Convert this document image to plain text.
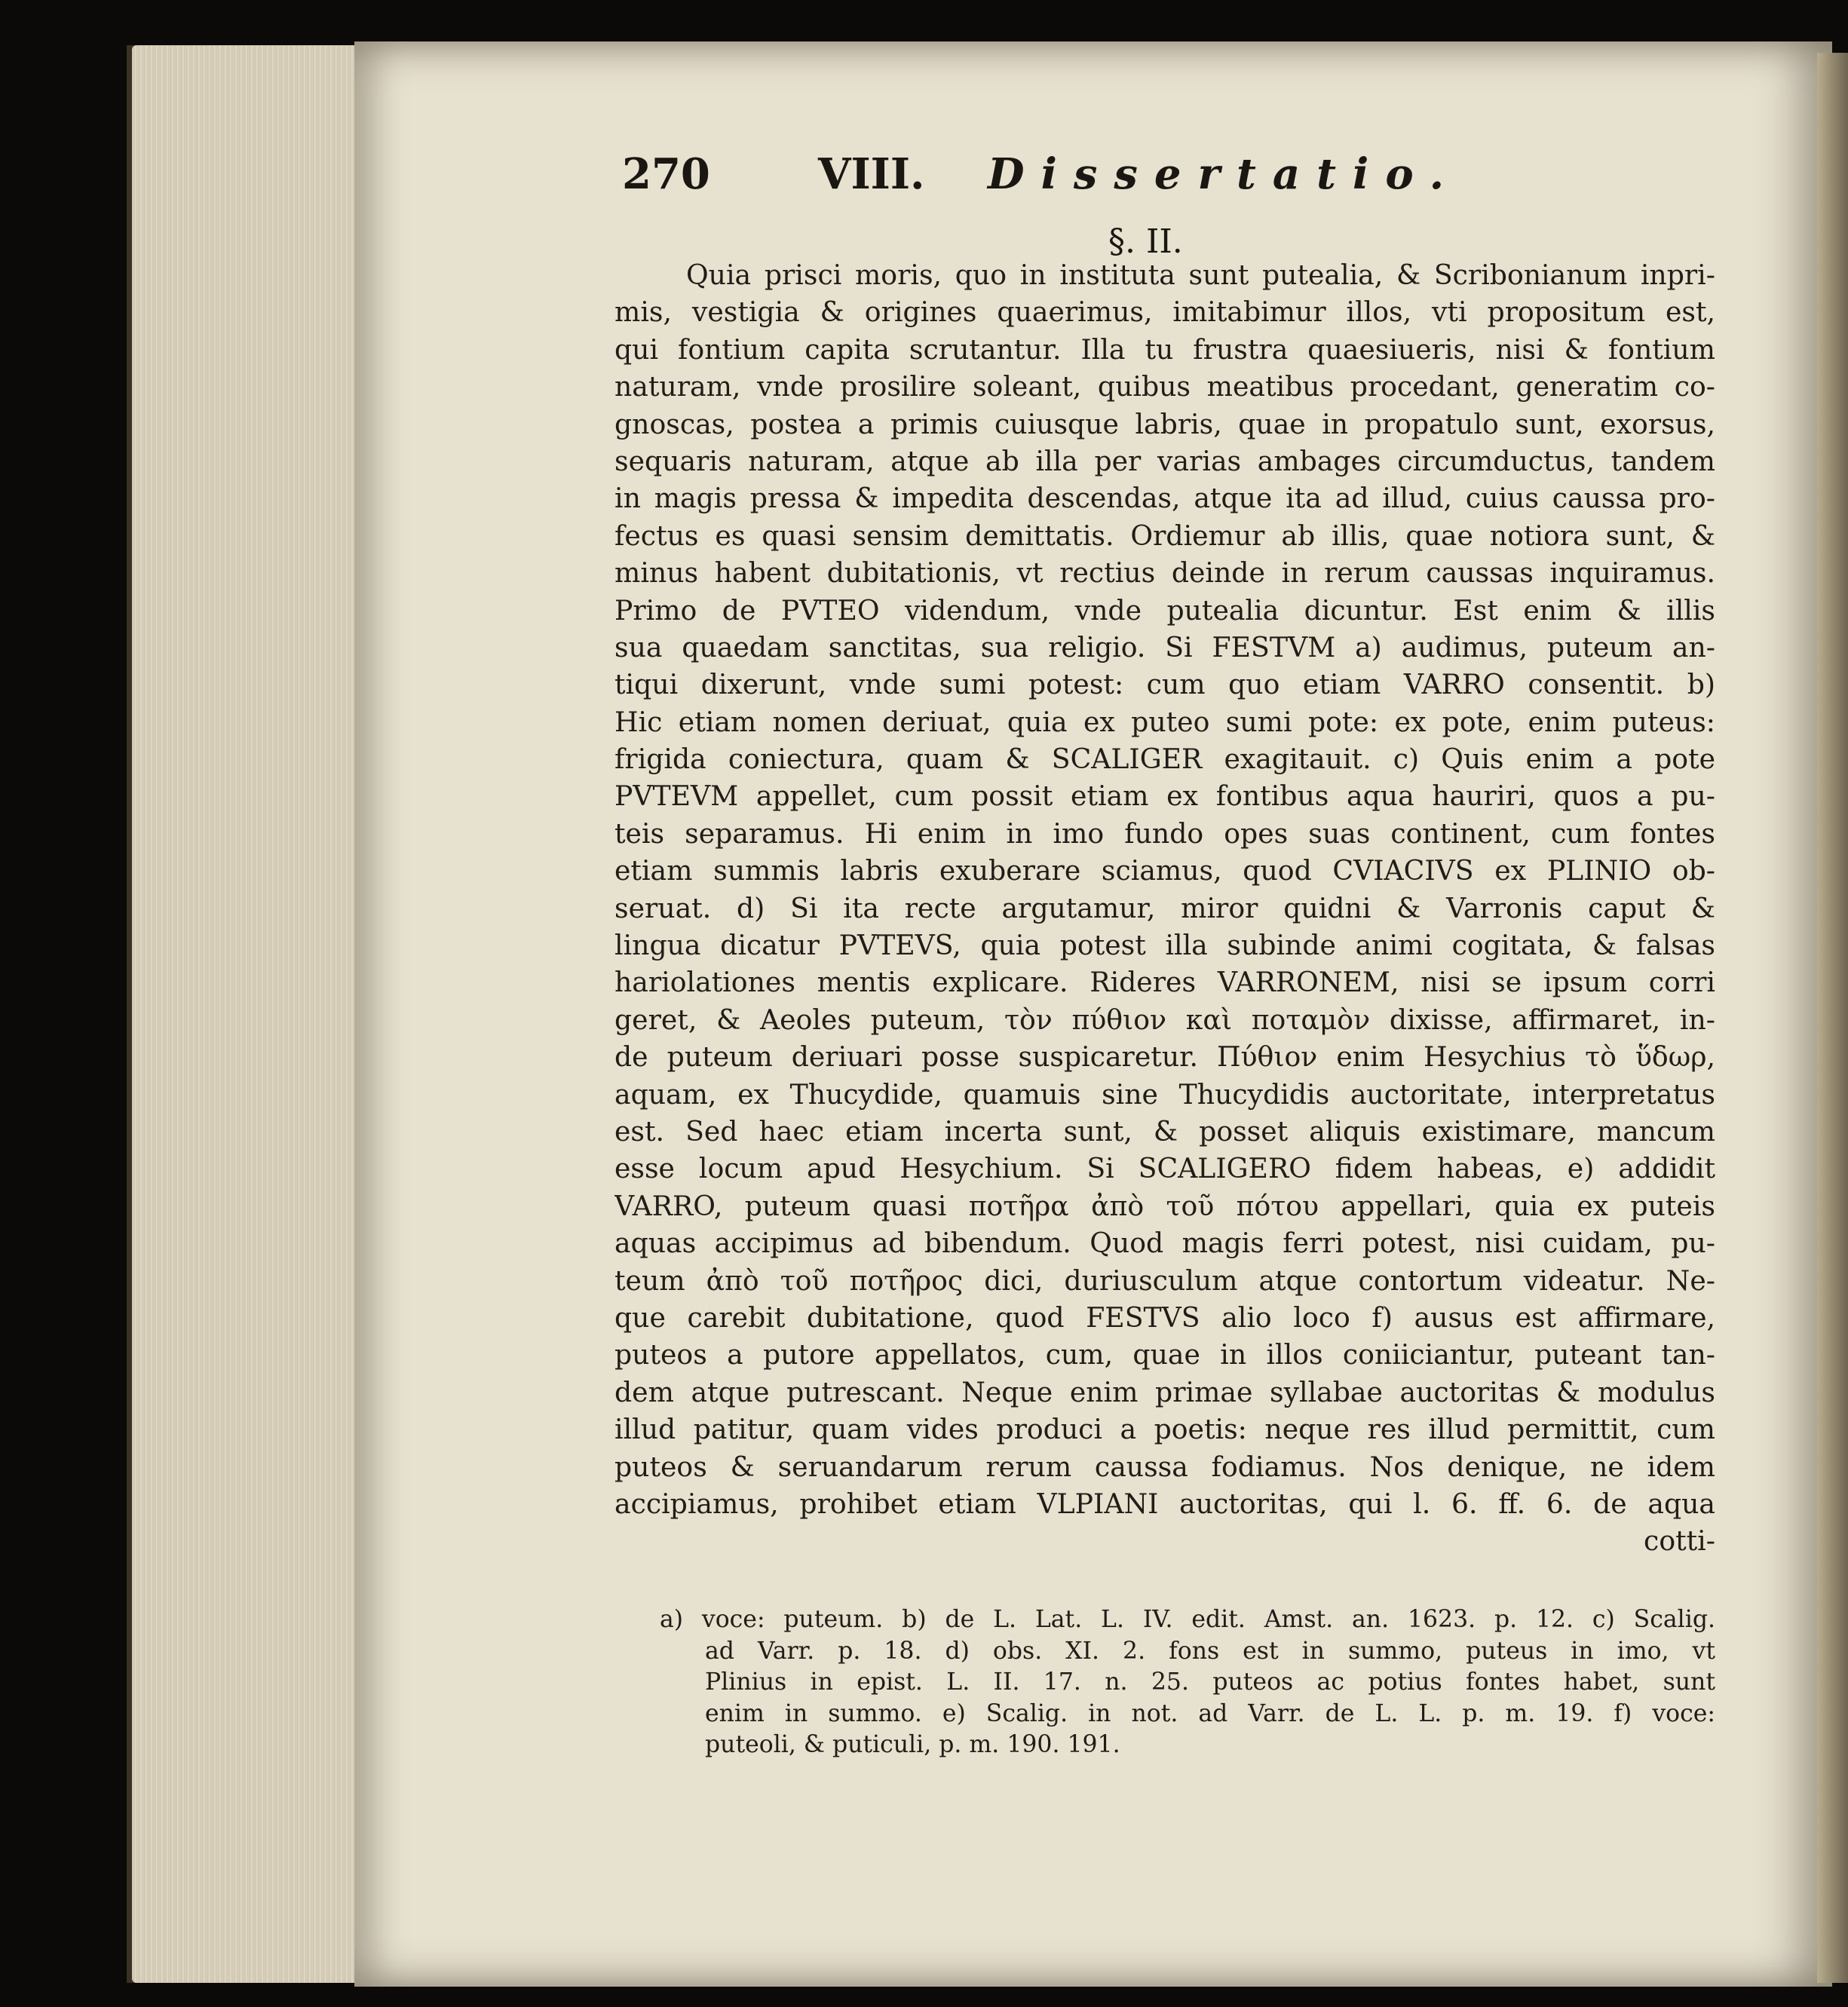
270	VIII. Dissertatio.
§. II.
Quia prisci moris, quo in instituta sunt putealia, & Scribonianum inpri-
mis, vestigia & origines quaerimus, imitabimur illos, vti propositum est,
qui fontium capita scrutantur. Illa tu frustra quaesiueris, nisi & fontium
naturam, vnde prosilire soleant, quibus meatibus procedant, generatim co-
gnoscas, postea a primis cuiusque labris, quae in propatulo sunt, exorsus,
sequaris naturam, atque ab illa per varias ambages circumductus, tandem
in magis pressa & impedita descendas, atque ita ad illud, cuius caussa pro-
fectus es quasi sensim demittatis. Ordiemur ab illis, quae notiora sunt, &
minus habent dubitationis, vt rectius deinde in rerum caussas inquiramus.
Primo de PVTEO videndum, vnde putealia dicuntur. Est enim & illis
sua quaedam sanctitas, sua religio. Si FESTVM a) audimus, puteum an-
tiqui dixerunt, vnde sumi potest: cum quo etiam VARRO consentit. b)
Hic etiam nomen deriuat, quia ex puteo sumi pote: ex pote, enim puteus:
frigida coniectura, quam & SCALIGER exagitauit. c) Quis enim a pote
PVTEVM appellet, cum possit etiam ex fontibus aqua hauriri, quos a pu-
teis separamus. Hi enim in imo fundo opes suas continent, cum fontes
etiam summis labris exuberare sciamus, quod CVIACIVS ex PLINIO ob-
seruat. d) Si ita recte argutamur, miror quidni & Varronis caput &
lingua dicatur PVTEVS, quia potest illa subinde animi cogitata, & falsas
hariolationes mentis explicare. Rideres VARRONEM, nisi se ipsum corri
geret, & Aeoles puteum, τὸν πύθιον καὶ ποταμὸν dixisse, affirmaret, in-
de puteum deriuari posse suspicaretur. Πύθιον enim Hesychius τὸ ὕδωρ,
aquam, ex Thucydide, quamuis sine Thucydidis auctoritate, interpretatus
est. Sed haec etiam incerta sunt, & posset aliquis existimare, mancum
esse locum apud Hesychium. Si SCALIGERO fidem habeas, e) addidit
VARRO, puteum quasi ποτῆρα ἀπὸ τοῦ πότου appellari, quia ex puteis
aquas accipimus ad bibendum. Quod magis ferri potest, nisi cuidam, pu-
teum ἀπὸ τοῦ ποτῆρος dici, duriusculum atque contortum videatur. Ne-
que carebit dubitatione, quod FESTVS alio loco f) ausus est affirmare,
puteos a putore appellatos, cum, quae in illos coniiciantur, puteant tan-
dem atque putrescant. Neque enim primae syllabae auctoritas & modulus
illud patitur, quam vides produci a poetis: neque res illud permittit, cum
puteos & seruandarum rerum caussa fodiamus. Nos denique, ne idem
accipiamus, prohibet etiam VLPIANI auctoritas, qui l. 6. ff. 6. de aqua
cotti-
a) voce: puteum. b) de L. Lat. L. IV. edit. Amst. an. 1623. p. 12. c) Scalig.
ad Varr. p. 18. d) obs. XI. 2. fons est in summo, puteus in imo, vt
Plinius in epist. L. II. 17. n. 25. puteos ac potius fontes habet, sunt
enim in summo. e) Scalig. in not. ad Varr. de L. L. p. m. 19. f) voce:
puteoli, & puticuli, p. m. 190. 191.
